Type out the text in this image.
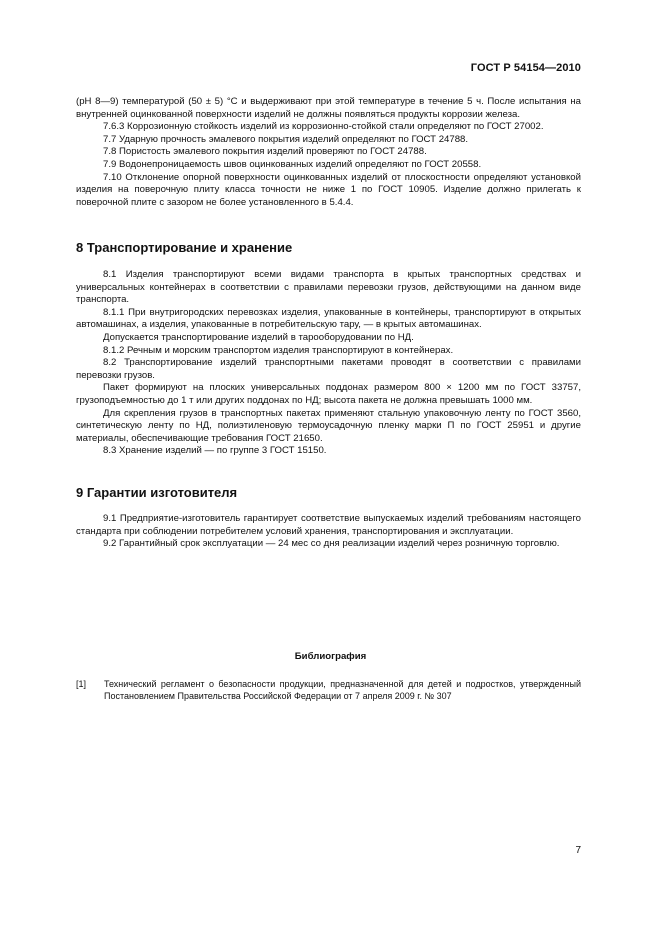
ГОСТ Р 54154—2010

(pH 8—9) температурой (50 ± 5) °С и выдерживают при этой температуре в течение 5 ч. После испытания на внутренней оцинкованной поверхности изделий не должны появляться продукты коррозии железа.

7.6.3 Коррозионную стойкость изделий из коррозионно-стойкой стали определяют по ГОСТ 27002.

7.7 Ударную прочность эмалевого покрытия изделий определяют по ГОСТ 24788.

7.8 Пористость эмалевого покрытия изделий проверяют по ГОСТ 24788.

7.9 Водонепроницаемость швов оцинкованных изделий определяют по ГОСТ 20558.

7.10 Отклонение опорной поверхности оцинкованных изделий от плоскостности определяют установкой изделия на поверочную плиту класса точности не ниже 1 по ГОСТ 10905. Изделие должно прилегать к поверочной плите с зазором не более установленного в 5.4.4.

8 Транспортирование и хранение

8.1 Изделия транспортируют всеми видами транспорта в крытых транспортных средствах и универсальных контейнерах в соответствии с правилами перевозки грузов, действующими на данном виде транспорта.

8.1.1 При внутригородских перевозках изделия, упакованные в контейнеры, транспортируют в открытых автомашинах, а изделия, упакованные в потребительскую тару, — в крытых автомашинах.

Допускается транспортирование изделий в тарооборудовании по НД.

8.1.2 Речным и морским транспортом изделия транспортируют в контейнерах.

8.2 Транспортирование изделий транспортными пакетами проводят в соответствии с правилами перевозки грузов.

Пакет формируют на плоских универсальных поддонах размером 800 × 1200 мм по ГОСТ 33757, грузоподъемностью до 1 т или других поддонах по НД; высота пакета не должна превышать 1000 мм.

Для скрепления грузов в транспортных пакетах применяют стальную упаковочную ленту по ГОСТ 3560, синтетическую ленту по НД, полиэтиленовую термоусадочную пленку марки П по ГОСТ 25951 и другие материалы, обеспечивающие требования ГОСТ 21650.

8.3 Хранение изделий — по группе 3 ГОСТ 15150.

9 Гарантии изготовителя

9.1 Предприятие-изготовитель гарантирует соответствие выпускаемых изделий требованиям настоящего стандарта при соблюдении потребителем условий хранения, транспортирования и эксплуатации.

9.2 Гарантийный срок эксплуатации — 24 мес со дня реализации изделий через розничную торговлю.

Библиография
[1]	Технический регламент о безопасности продукции, предназначенной для детей и подростков, утвержденный Постановлением Правительства Российской Федерации от 7 апреля 2009 г. № 307
7
